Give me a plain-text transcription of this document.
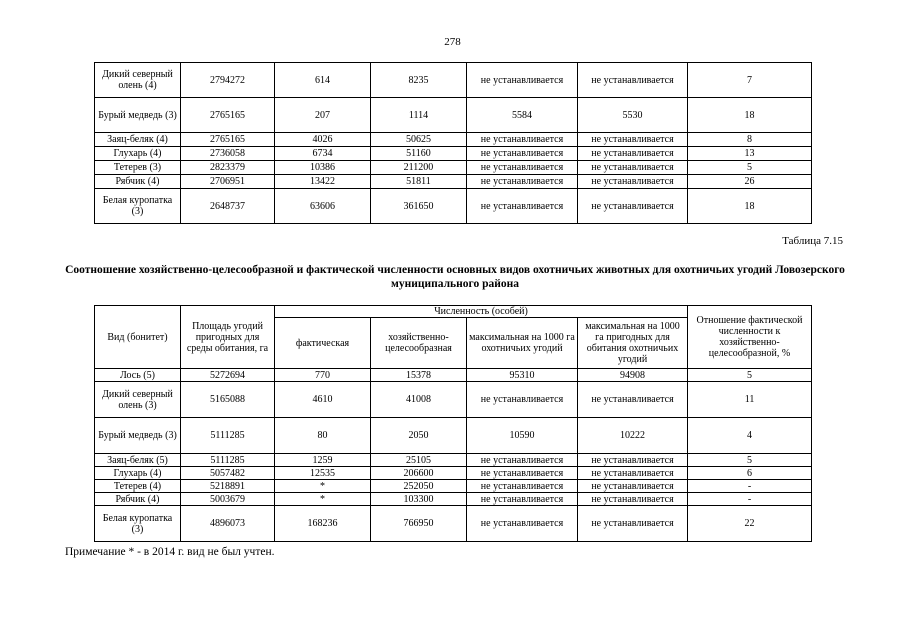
278
Дикий северный олень (4)	2794272	614	8235	не устанавливается	не устанавливается	7
Бурый медведь (3)	2765165	207	1114	5584	5530	18
Заяц-беляк (4)	2765165	4026	50625	не устанавливается	не устанавливается	8
Глухарь (4)	2736058	6734	51160	не устанавливается	не устанавливается	13
Тетерев (3)	2823379	10386	211200	не устанавливается	не устанавливается	5
Рябчик (4)	2706951	13422	51811	не устанавливается	не устанавливается	26
Белая куропатка (3)	2648737	63606	361650	не устанавливается	не устанавливается	18
Таблица 7.15
Соотношение хозяйственно-целесообразной и фактической численности основных видов охотничьих животных для охотничьих угодий Ловозерского муниципального района
Вид (бонитет)	Площадь угодий пригодных для среды обитания, га	Численность (особей)				Отношение фактической численности к хозяйственно-целесообразной, %
		фактическая	хозяйственно-целесообразная	максимальная на 1000 га охотничьих угодий	максимальная на 1000 га пригодных для обитания охотничьих угодий	
Лось (5)	5272694	770	15378	95310	94908	5
Дикий северный олень (3)	5165088	4610	41008	не устанавливается	не устанавливается	11
Бурый медведь (3)	5111285	80	2050	10590	10222	4
Заяц-беляк (5)	5111285	1259	25105	не устанавливается	не устанавливается	5
Глухарь (4)	5057482	12535	206600	не устанавливается	не устанавливается	6
Тетерев (4)	5218891	*	252050	не устанавливается	не устанавливается	-
Рябчик (4)	5003679	*	103300	не устанавливается	не устанавливается	-
Белая куропатка (3)	4896073	168236	766950	не устанавливается	не устанавливается	22
Примечание * - в 2014 г. вид не был учтен.
